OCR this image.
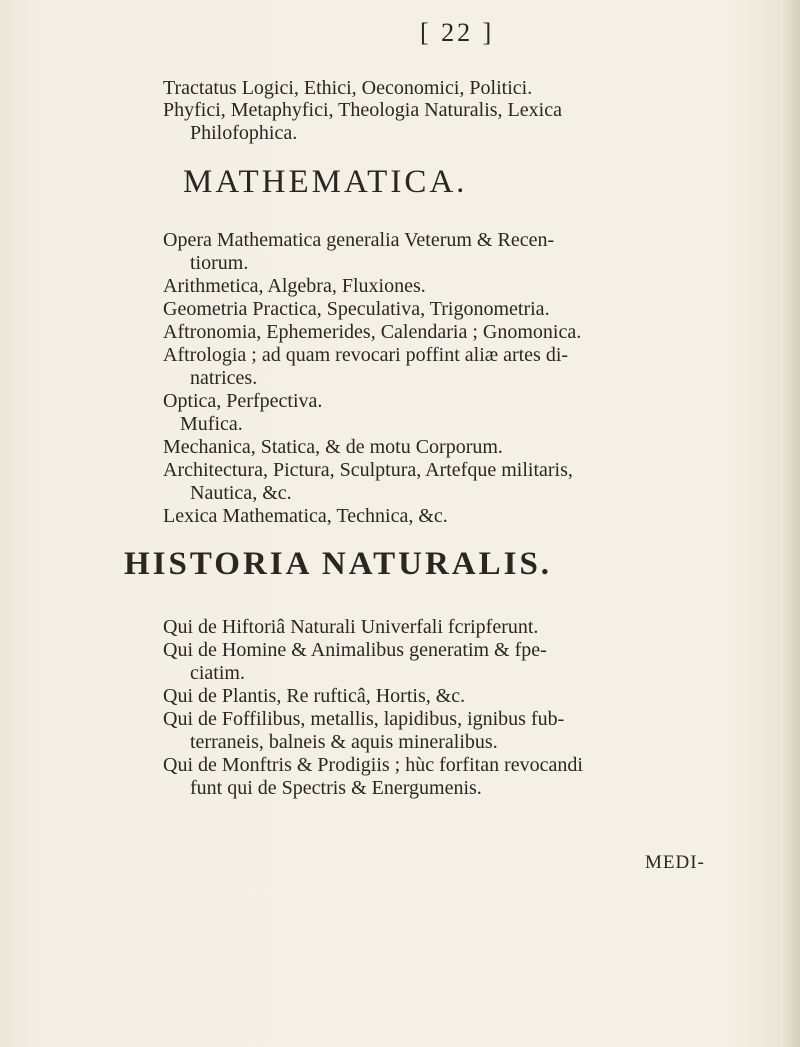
[ 22 ]
Tractatus Logici, Ethici, Oeconomici, Politici.
Phyfici, Metaphyfici, Theologia Naturalis, Lexica
Philofophica.
MATHEMATICA.
Opera Mathematica generalia Veterum & Recen-
tiorum.
Arithmetica, Algebra, Fluxiones.
Geometria Practica, Speculativa, Trigonometria.
Aftronomia, Ephemerides, Calendaria ; Gnomonica.
Aftrologia ; ad quam revocari poffint aliæ artes di-
natrices.
Optica, Perfpectiva.
Mufica.
Mechanica, Statica, & de motu Corporum.
Architectura, Pictura, Sculptura, Artefque militaris,
Nautica, &c.
Lexica Mathematica, Technica, &c.
HISTORIA NATURALIS.
Qui de Hiftoriâ Naturali Univerfali fcripferunt.
Qui de Homine & Animalibus generatim & fpe-
ciatim.
Qui de Plantis, Re rufticâ, Hortis, &c.
Qui de Foffilibus, metallis, lapidibus, ignibus fub-
terraneis, balneis & aquis mineralibus.
Qui de Monftris & Prodigiis ; hùc forfitan revocandi
funt qui de Spectris & Energumenis.
MEDI-
